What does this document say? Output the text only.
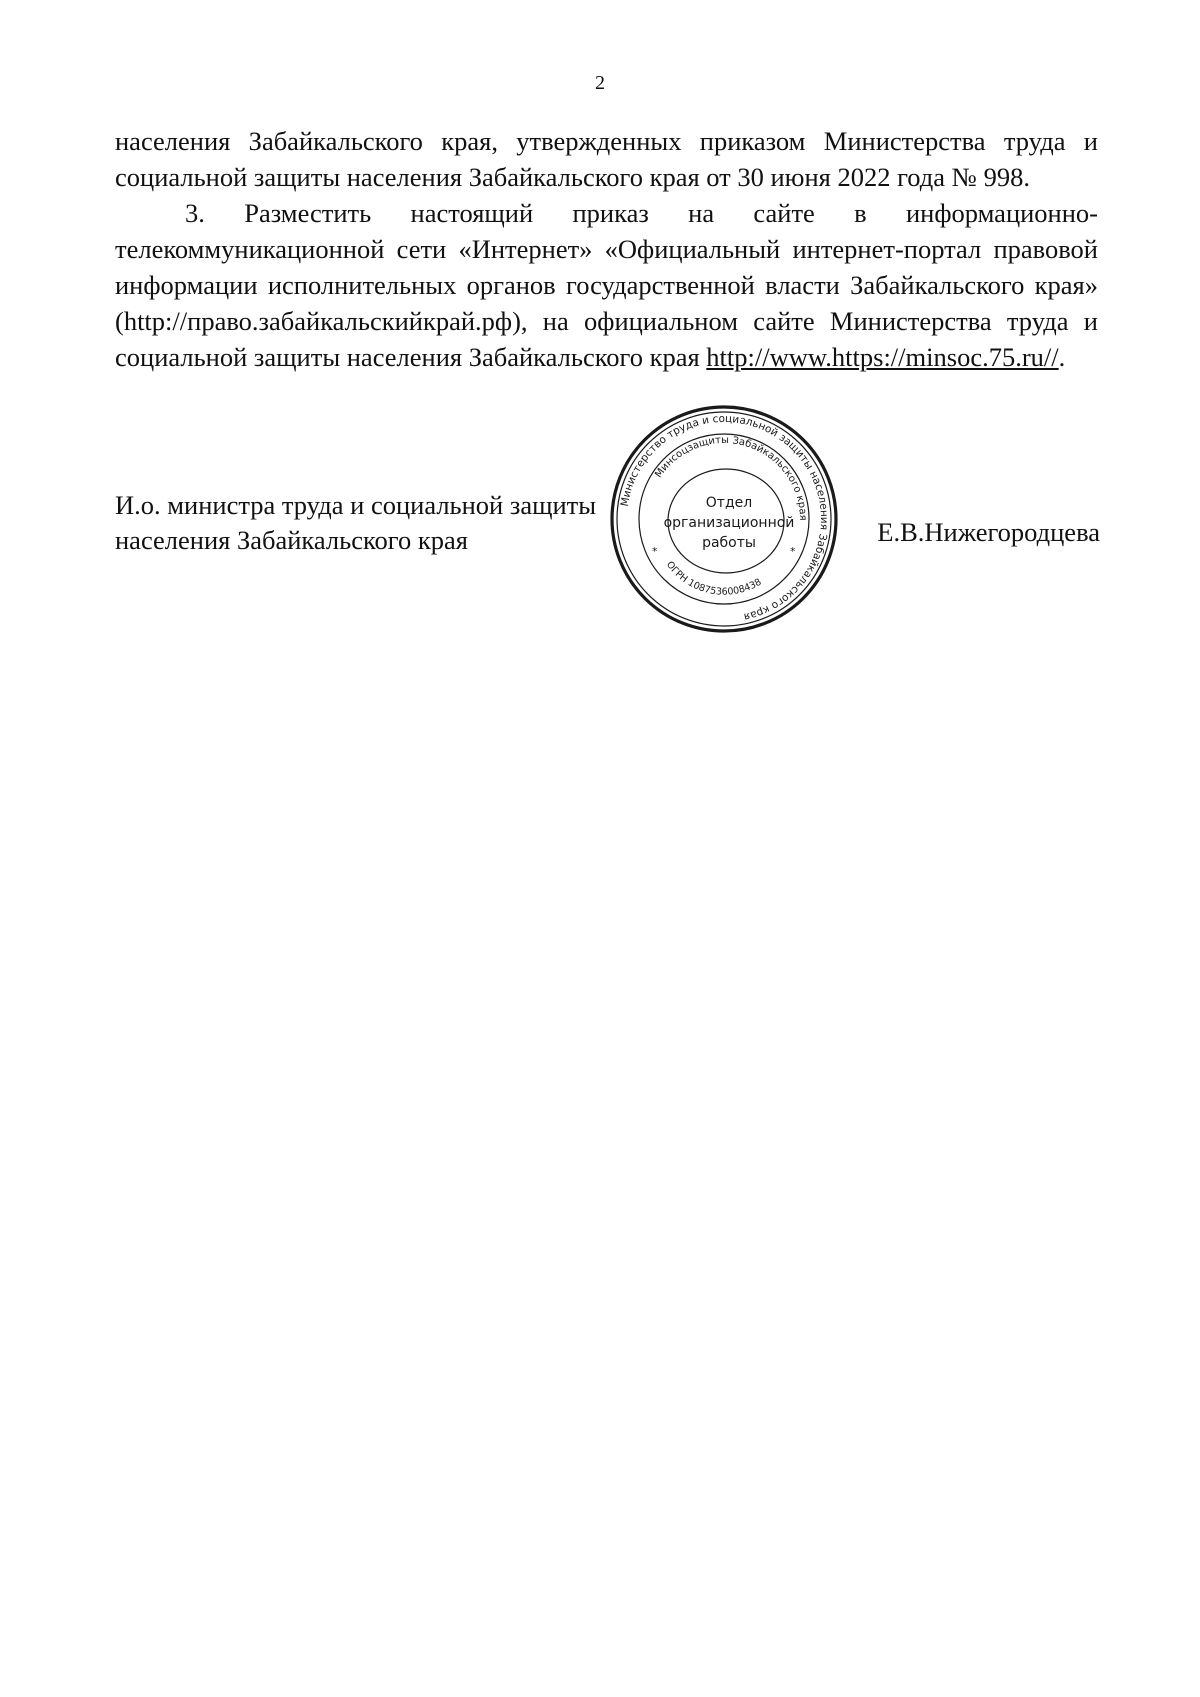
2

населения Забайкальского края, утвержденных приказом Министерства труда и социальной защиты населения Забайкальского края от 30 июня 2022 года № 998.

3. Разместить настоящий приказ на сайте в информационно-телекоммуникационной сети «Интернет» «Официальный интернет-портал правовой информации исполнительных органов государственной власти Забайкальского края» (http://право.забайкальскийкрай.рф), на официальном сайте Министерства труда и социальной защиты населения Забайкальского края http://www.https://minsoc.75.ru//.

И.о. министра труда и социальной защиты
населения Забайкальского края	Е.В.Нижегородцева
Министерство труда и социальной защиты населения Забайкальского края
Минсоцзащиты Забайкальского края
ОГРН 1087536008438
Отдел
организационной
работы
*	*
